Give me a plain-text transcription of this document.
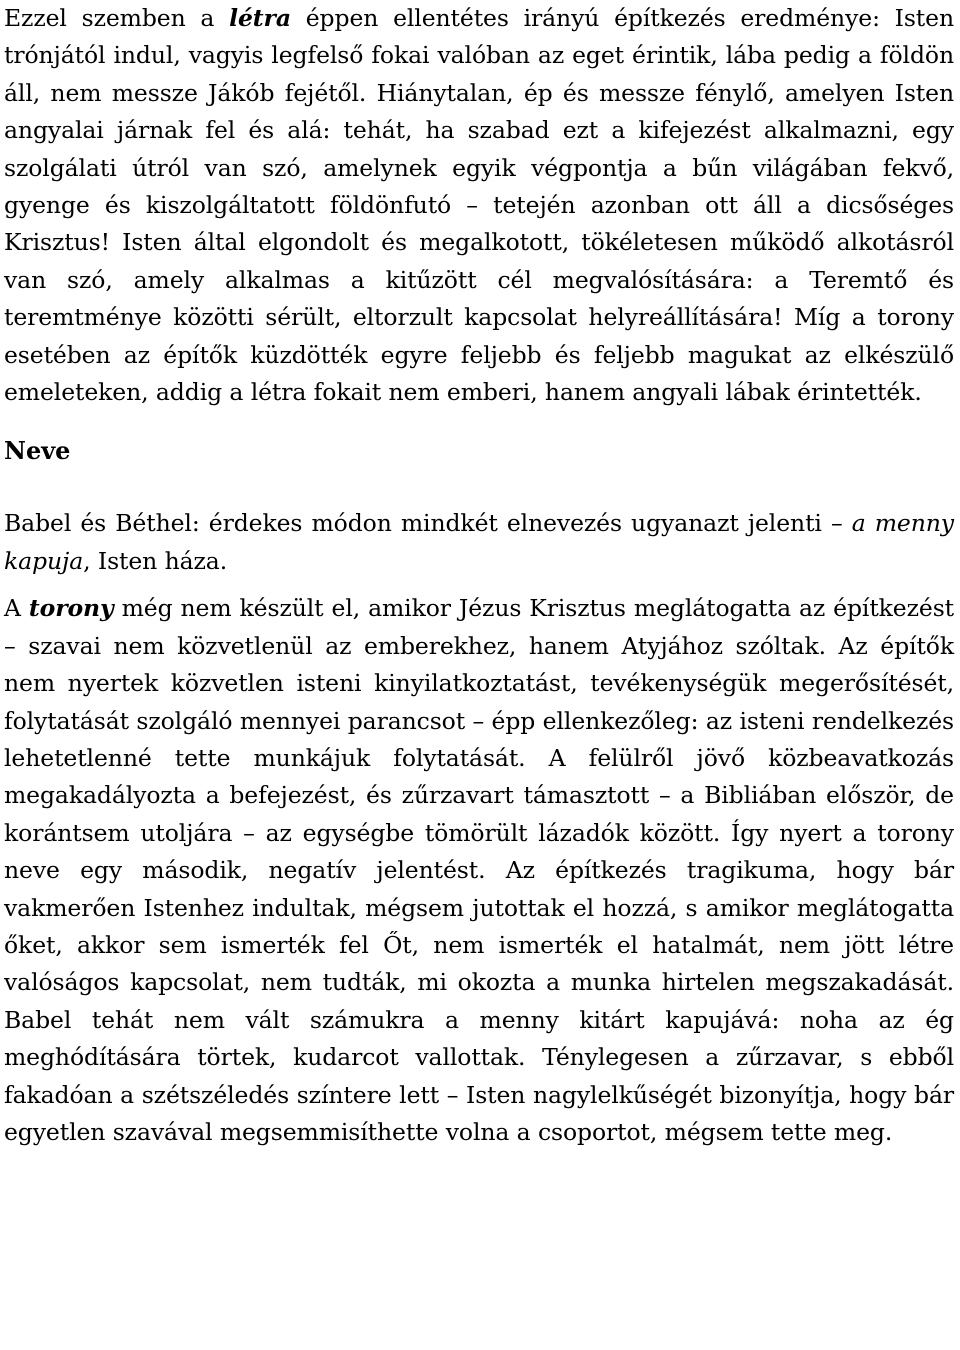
Ezzel szemben a létra éppen ellentétes irányú építkezés eredménye: Isten trónjától indul, vagyis legfelső fokai valóban az eget érintik, lába pedig a földön áll, nem messze Jákób fejétől. Hiánytalan, ép és messze fénylő, amelyen Isten angyalai járnak fel és alá: tehát, ha szabad ezt a kifejezést alkalmazni, egy szolgálati útról van szó, amelynek egyik végpontja a bűn világában fekvő, gyenge és kiszolgáltatott földönfutó – tetején azonban ott áll a dicsőséges Krisztus! Isten által elgondolt és megalkotott, tökéletesen működő alkotásról van szó, amely alkalmas a kitűzött cél megvalósítására: a Teremtő és teremtménye közötti sérült, eltorzult kapcsolat helyreállítására! Míg a torony esetében az építők küzdötték egyre feljebb és feljebb magukat az elkészülő emeleteken, addig a létra fokait nem emberi, hanem angyali lábak érintették.

Neve

Babel és Béthel: érdekes módon mindkét elnevezés ugyanazt jelenti – a menny kapuja, Isten háza.

A torony még nem készült el, amikor Jézus Krisztus meglátogatta az építkezést – szavai nem közvetlenül az emberekhez, hanem Atyjához szóltak. Az építők nem nyertek közvetlen isteni kinyilatkoztatást, tevékenységük megerősítését, folytatását szolgáló mennyei parancsot – épp ellenkezőleg: az isteni rendelkezés lehetetlenné tette munkájuk folytatását. A felülről jövő közbeavatkozás megakadályozta a befejezést, és zűrzavart támasztott – a Bibliában először, de korántsem utoljára – az egységbe tömörült lázadók között. Így nyert a torony neve egy második, negatív jelentést. Az építkezés tragikuma, hogy bár vakmerően Istenhez indultak, mégsem jutottak el hozzá, s amikor meglátogatta őket, akkor sem ismerték fel Őt, nem ismerték el hatalmát, nem jött létre valóságos kapcsolat, nem tudták, mi okozta a munka hirtelen megszakadását. Babel tehát nem vált számukra a menny kitárt kapujává: noha az ég meghódítására törtek, kudarcot vallottak. Ténylegesen a zűrzavar, s ebből fakadóan a szétszéledés színtere lett – Isten nagylelkűségét bizonyítja, hogy bár egyetlen szavával megsemmisíthette volna a csoportot, mégsem tette meg.
